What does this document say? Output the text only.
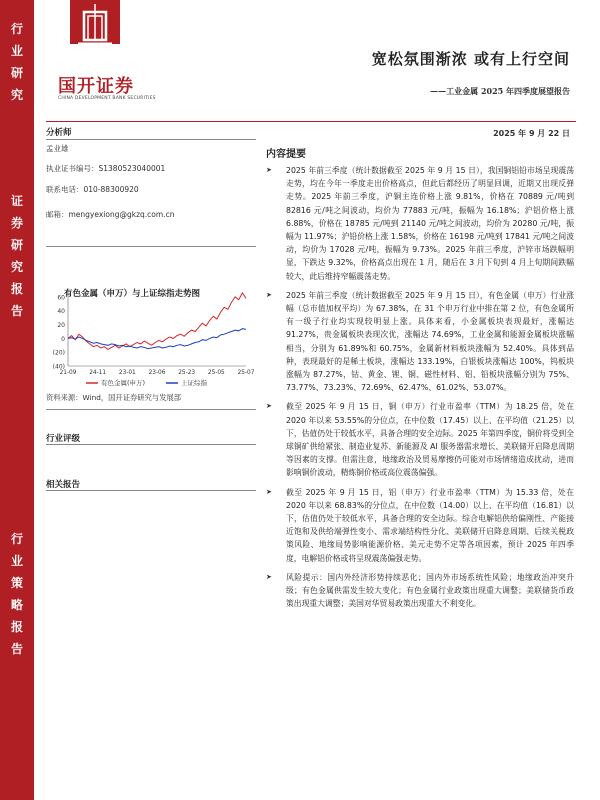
行
业
研
究
证
券
研
究
报
告
行
业
策
略
报
告
国开证券
CHINA DEVELOPMENT BANK SECURITIES
宽松氛围渐浓 或有上行空间
——工业金属 2025 年四季度展望报告
分析师
孟业雄
执业证书编号：S1380523040001
联系电话：010-88300920
邮箱：mengyexiong@gkzq.com.cn
有色金属（申万）与上证综指走势图
资料来源：Wind，国开证券研究与发展部
行业评级
相关报告
60
40
20
0
(20)
(40)
21-09 24-11 23-01 23-06 25-23 25-05 25-07
有色金属(申万)	上证综指
2025 年 9 月 22 日
内容提要
➤ 2025 年前三季度（统计数据截至 2025 年 9 月 15 日），我国铜铝铅市场呈现震荡走势，均在今年一季度走出价格高点，但此后都经历了明显回调，近期又出现反弹走势。2025 年前三季度，沪铜主连价格上涨 9.81%，价格在 70889 元/吨到 82816 元/吨之间波动，均价为 77883 元/吨，振幅为 16.18%；沪铝价格上涨 6.88%，价格在 18785 元/吨到 21140 元/吨之间波动，均价为 20280 元/吨，振幅为 11.97%；沪铅价格上涨 1.58%，价格在 16198 元/吨到 17841 元/吨之间波动，均价为 17028 元/吨，振幅为 9.73%。2025 年前三季度，沪锌市场跌幅明显，下跌达 9.32%，价格高点出现在 1 月，随后在 3 月下旬到 4 月上旬期间跌幅较大，此后维持窄幅震荡走势。
➤ 2025 年前三季度（统计数据截至 2025 年 9 月 15 日），有色金属（申万）行业涨幅（总市值加权平均）为 67.38%，在 31 个申万行业中排在第 2 位，有色金属所有一级子行业均实现较明显上涨。具体来看，小金属板块表现最好，涨幅达 91.27%，贵金属板块表现次优，涨幅达 74.69%，工业金属和能源金属板块涨幅相当，分别为 61.89%和 60.75%，金属新材料板块涨幅为 52.40%。具体到品种，表现最好的是稀土板块，涨幅达 133.19%，白银板块涨幅达 100%，钨板块涨幅为 87.27%，钴、黄金、锂、铜、磁性材料、铝、铅板块涨幅分别为 75%、73.77%、73.23%、72.69%、62.47%、61.02%、53.07%。
➤ 截至 2025 年 9 月 15 日，铜（申万）行业市盈率（TTM）为 18.25 倍，处在 2020 年以来 53.55%的分位点，在中位数（17.45）以上、在平均值（21.25）以下，估值仍处于较低水平，具备合理的安全边际。2025 年第四季度，铜价将受到全球铜矿供给紧张、制造业复苏、新能源及 AI 服务器需求增长、美联储开启降息周期等因素的支撑。但需注意，地缘政治及贸易摩擦仍可能对市场情绪造成扰动，进而影响铜价波动，精炼铜价格或高位震荡偏强。
➤ 截至 2025 年 9 月 15 日，铝（申万）行业市盈率（TTM）为 15.33 倍，处在 2020 年以来 68.83%的分位点，在中位数（14.00）以上、在平均值（16.81）以下，估值仍处于较低水平，具备合理的安全边际。综合电解铝供给偏刚性、产能接近饱和及供给端弹性变小、需求端结构性分化、美联储开启降息周期、后续关税政策风险、地缘局势影响能源价格、美元走势不定等各项因素，预计 2025 年四季度，电解铝价格或将呈现震荡偏强走势。
➤ 风险提示：国内外经济形势持续恶化；国内外市场系统性风险；地缘政治冲突升级；有色金属供需发生较大变化；有色金属行业政策出现重大调整；美联储货币政策出现重大调整；美国对华贸易政策出现重大不利变化。
